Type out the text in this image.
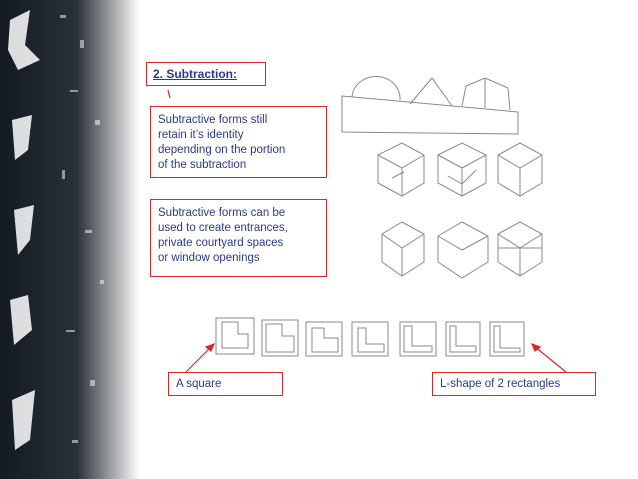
2. Subtraction:
Subtractive forms still
retain it’s identity
depending on the portion
of the subtraction
Subtractive forms can be
used to create entrances,
private courtyard spaces
or window openings
A square	L-shape of 2 rectangles
